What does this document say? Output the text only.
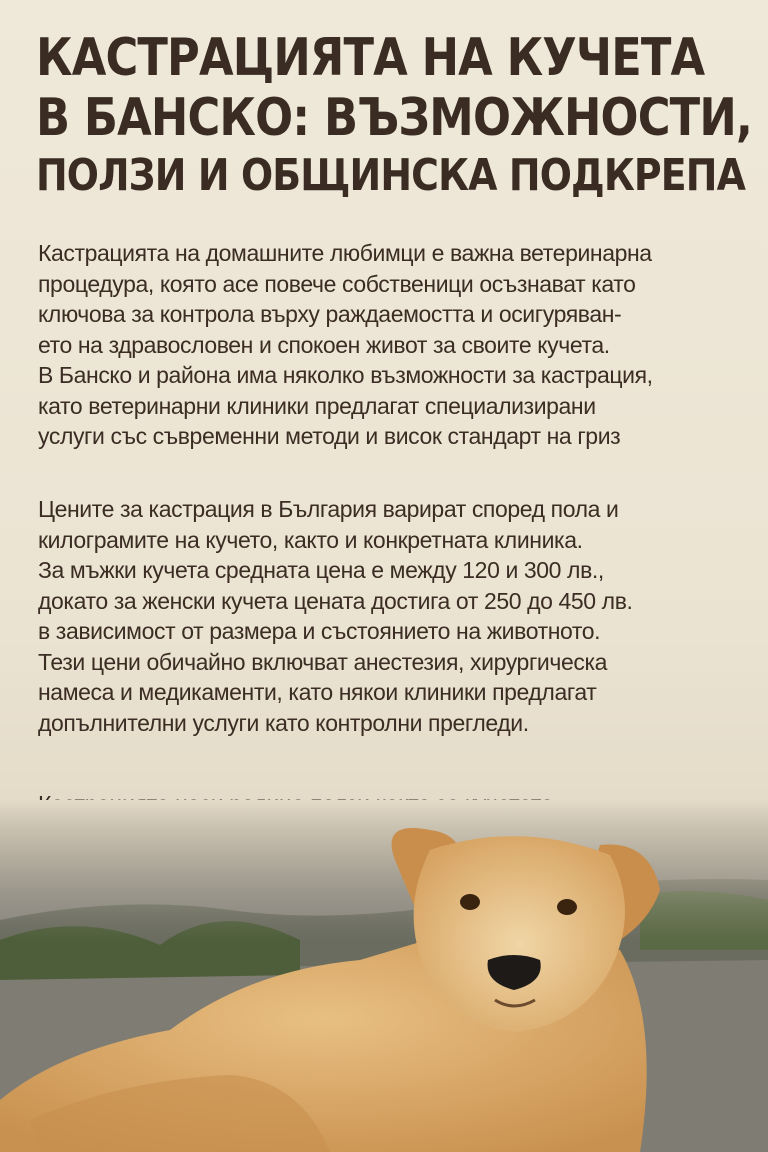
КАСТРАЦИЯТА НА КУЧЕТА
В БАНСКО: ВЪЗМОЖНОСТИ,
ПОЛЗИ И ОБЩИНСКА ПОДКРЕПА

Кастрацията на домашните любимци е важна ветеринарна
процедура, която асе повече собственици осъзнават като
ключова за контрола върху раждаемостта и осигуряван-
ето на здравословен и спокоен живот за своите кучета.
В Банско и района има няколко възможности за кастрация,
като ветеринарни клиники предлагат специализирани
услуги със съвременни методи и висок стандарт на гриз

Цените за кастрация в България варират според пола и
килограмите на кучето, както и конкретната клиника.
За мъжки кучета средната цена е между 120 и 300 лв.,
докато за женски кучета цената достига от 250 до 450 лв.
в зависимост от размера и състоянието на животното.
Тези цени обичайно включват анестезия, хирургическа
намеса и медикаменти, като някои клиники предлагат
допълнителни услуги като контролни прегледи.
